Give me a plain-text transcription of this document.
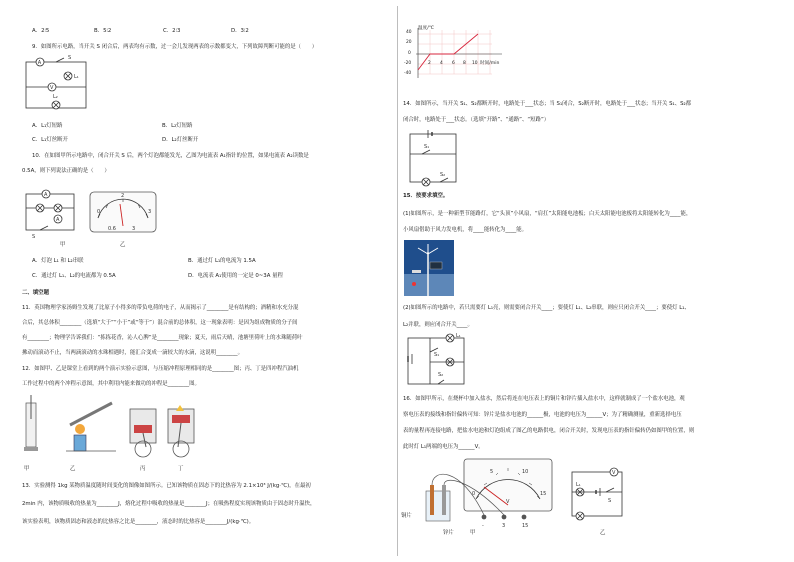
A．2∶5	B．5∶2	C．2∶3	D．3∶2
9．如图所示电路，当开关 S 闭合后，两表均有示数，过一会儿发现两表的示数都变大，下列故障判断可能的是（　　）
A
S
L₁
V
L₂
A．L₁灯短路	B．L₂灯短路
C．L₁灯丝断开	D．L₂灯丝断开
10．在如图甲所示电路中，闭合开关 S 后，两个灯泡都能发光，乙图为电流表 A₁指针的位置，如果电流表 A₂读数是
0.5A，则下列说法正确的是（　　）
A
A
S
甲
0
2
3
0.6	3
乙
A．灯泡 L₁ 和 L₂串联	B．通过灯 L₁的电流为 1.5A
C．通过灯 L₁、L₂的电流都为 0.5A	D．电流表 A₁使用的一定是 0~3A 量程
二、填空题
11．英国物理学家汤姆生发现了比原子小得多的带负电荷的电子，从而揭示了________是有结构的；酒精和水充分混
合后，其总体积________（选填“大于”“小于”或“等于”）混合前的总体积，这一现象表明：是因为组成物质的分子间
有________；物理学告诉我们：“拣拣花香，沁人心脾”是________现象；夏天，雨后天晴，池塘里荷叶上的水珠随荷叶
拂动而滚动不止，当两滴滚动的水珠相遇时，能汇合变成一滴较大的水滴，这说明________。
12．如图甲、乙是课堂上看到的两个演示实验示意图，与压缩冲程原理相同的是________图；丙、丁是四冲程汽油机
工作过程中的两个冲程示意图，其中利用内能来做功的冲程是________图。
甲	乙	丙	丁
13．实验测得 1kg 某物质温度随时间变化的图像如图所示。已知该物质在固态下的比热容为 2.1×10³ J/(kg·℃)，在最初
2min 内，该物质吸收的热量为________J，熔化过程中吸收的热量是________J；在吸热程度实现该物质由于固态时升温快，
该实验表明，该物质固态和液态的比热容之比是________，液态时的比热容是________J/(kg·℃)。
温度/℃
时间/min
40
20
0
-20
-40
2 4 6 8 10
14．如图所示，当开关 S₁、S₂都断开时，电路处于___状态；当 S₁闭合，S₂断开时，电路处于___状态；当开关 S₁、S₂都
闭合时，电路处于___状态。（选填“开路”、“通路”、“短路”）
S₁
S₂
15．按要求填空。
(1)如图所示，是一种新型节能路灯，它“头顶”小风扇，“肩扛”太阳能电池板；白天太阳能电池板将太阳能转化为____能，
小风扇借助于风力发电机，将____能转化为____能。
(2)如图所示的电路中，若只需要灯 L₁亮，则需要闭合开关____；要使灯 L₁、L₂串联，则应只闭合开关____；要使灯 L₁、
L₂并联，则应闭合开关____。
L₁
S₁
S₂
16．如图甲所示，在烧杯中加入盐水，然后将连在电压表上的铜片和锌片插入盐水中，这样就制成了一个盐水电池，观
察电压表的接线和指针偏转可知：锌片是盐水电池的______极，电池的电压为______V；为了精确测量，重新选择电压
表的量程再连接电路，把盐水电池和灯泡组成了图乙的电路供电，闭合开关时，发现电压表的指针偏转仍如图甲的位置，则
此时灯 L₁两端的电压为______V。
0
5	10
15
V
-	3	15
铜片
锌片	甲
V
L₁
S
乙
